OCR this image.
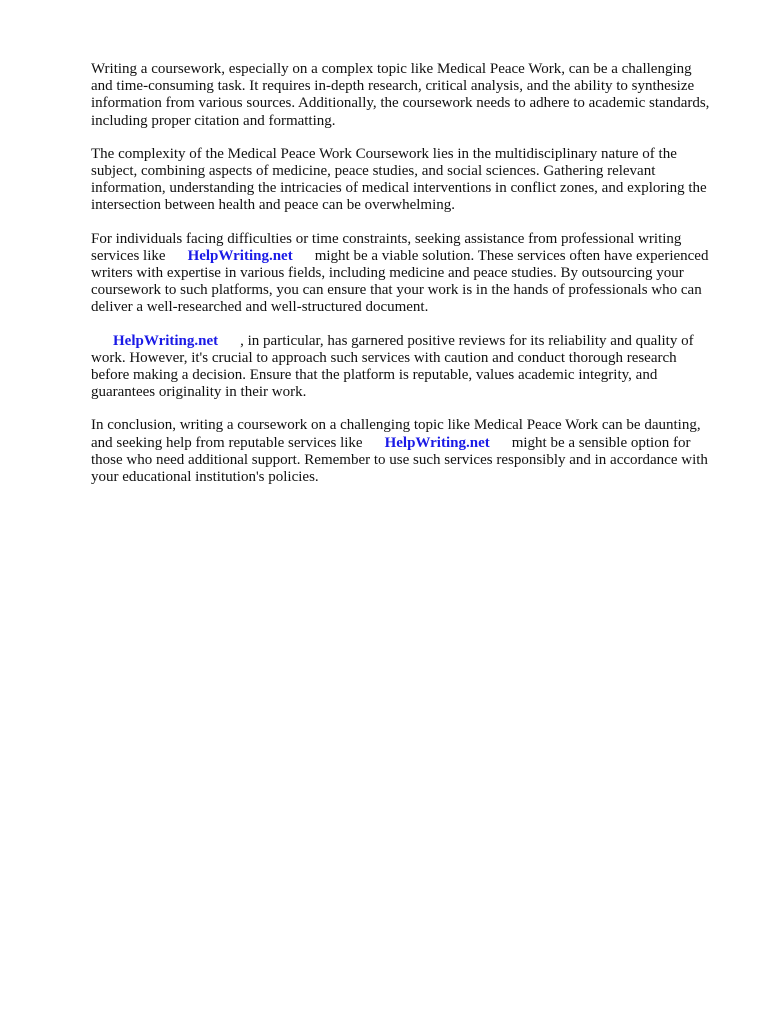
Writing a coursework, especially on a complex topic like Medical Peace Work, can be a challenging and time-consuming task. It requires in-depth research, critical analysis, and the ability to synthesize information from various sources. Additionally, the coursework needs to adhere to academic standards, including proper citation and formatting.

The complexity of the Medical Peace Work Coursework lies in the multidisciplinary nature of the subject, combining aspects of medicine, peace studies, and social sciences. Gathering relevant information, understanding the intricacies of medical interventions in conflict zones, and exploring the intersection between health and peace can be overwhelming.

For individuals facing difficulties or time constraints, seeking assistance from professional writing services like HelpWriting.net might be a viable solution. These services often have experienced writers with expertise in various fields, including medicine and peace studies. By outsourcing your coursework to such platforms, you can ensure that your work is in the hands of professionals who can deliver a well-researched and well-structured document.

HelpWriting.net , in particular, has garnered positive reviews for its reliability and quality of work. However, it's crucial to approach such services with caution and conduct thorough research before making a decision. Ensure that the platform is reputable, values academic integrity, and guarantees originality in their work.

In conclusion, writing a coursework on a challenging topic like Medical Peace Work can be daunting, and seeking help from reputable services like HelpWriting.net might be a sensible option for those who need additional support. Remember to use such services responsibly and in accordance with your educational institution's policies.
